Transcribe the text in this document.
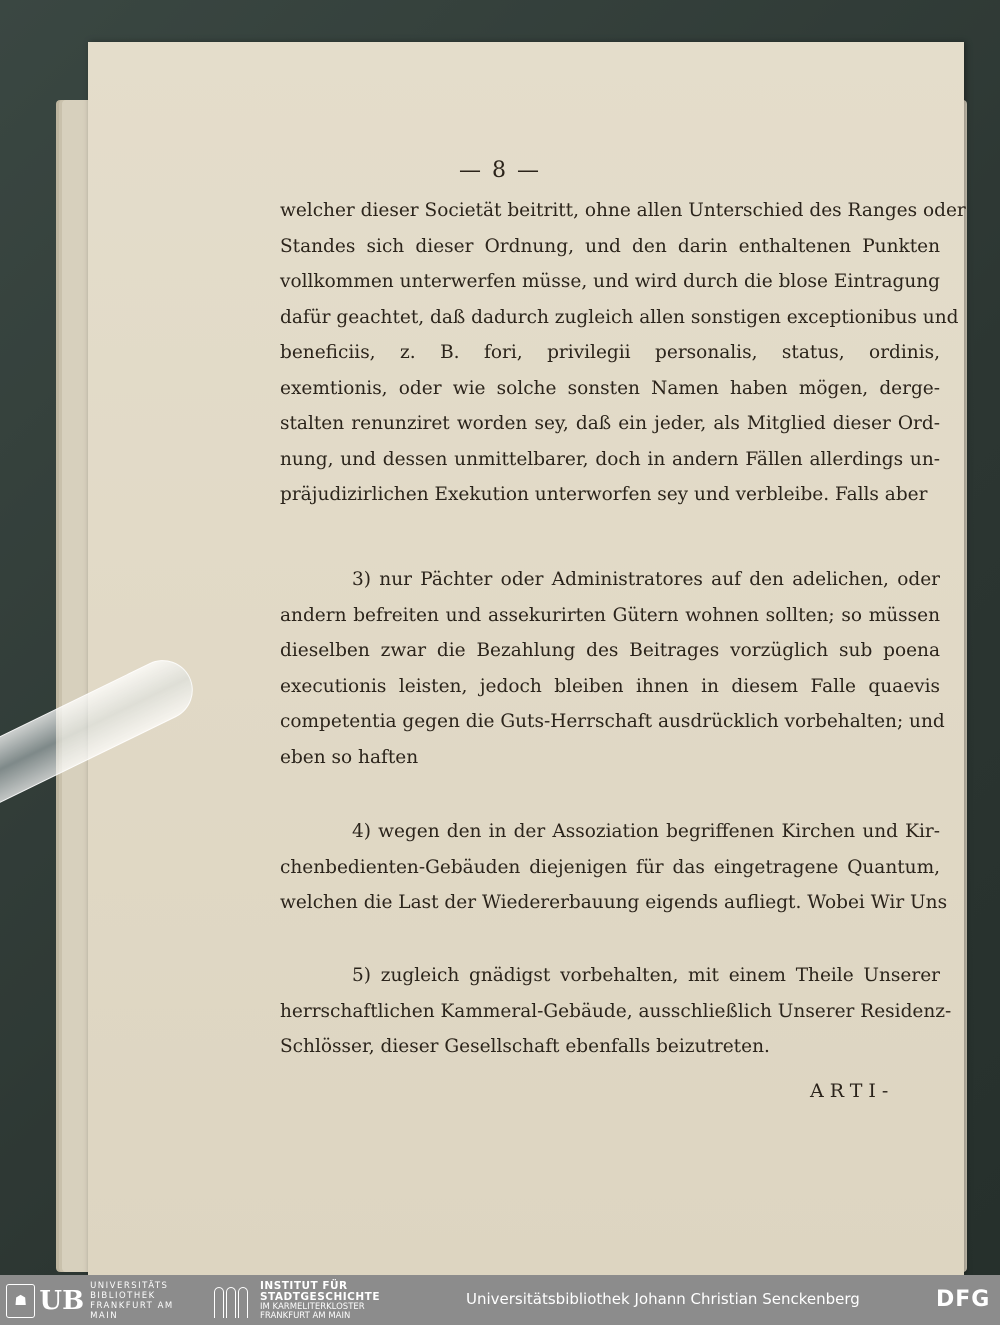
— 8 —
welcher dieser Societät beitritt, ohne allen Unterschied des Ranges oder
Standes sich dieser Ordnung, und den darin enthaltenen Punkten
vollkommen unterwerfen müsse, und wird durch die blose Eintragung
dafür geachtet, daß dadurch zugleich allen sonstigen exceptionibus und
beneficiis, z. B. fori, privilegii personalis, status, ordinis,
exemtionis, oder wie solche sonsten Namen haben mögen, derge-
stalten renunziret worden sey, daß ein jeder, als Mitglied dieser Ord-
nung, und dessen unmittelbarer, doch in andern Fällen allerdings un-
präjudizirlichen Exekution unterworfen sey und verbleibe. Falls aber
3) nur Pächter oder Administratores auf den adelichen, oder
andern befreiten und assekurirten Gütern wohnen sollten; so müssen
dieselben zwar die Bezahlung des Beitrages vorzüglich sub poena
executionis leisten, jedoch bleiben ihnen in diesem Falle quaevis
competentia gegen die Guts-Herrschaft ausdrücklich vorbehalten; und
eben so haften
4) wegen den in der Assoziation begriffenen Kirchen und Kir-
chenbedienten-Gebäuden diejenigen für das eingetragene Quantum,
welchen die Last der Wiedererbauung eigends aufliegt. Wobei Wir Uns
5) zugleich gnädigst vorbehalten, mit einem Theile Unserer
herrschaftlichen Kammeral-Gebäude, ausschließlich Unserer Residenz-
Schlösser, dieser Gesellschaft ebenfalls beizutreten.
ARTI-
☗ UB UNIVERSITÄTS
BIBLIOTHEK
FRANKFURT AM MAIN
INSTITUT FÜR
STADTGESCHICHTE
IM KARMELITERKLOSTER
FRANKFURT AM MAIN
Universitätsbibliothek Johann Christian Senckenberg	DFG
